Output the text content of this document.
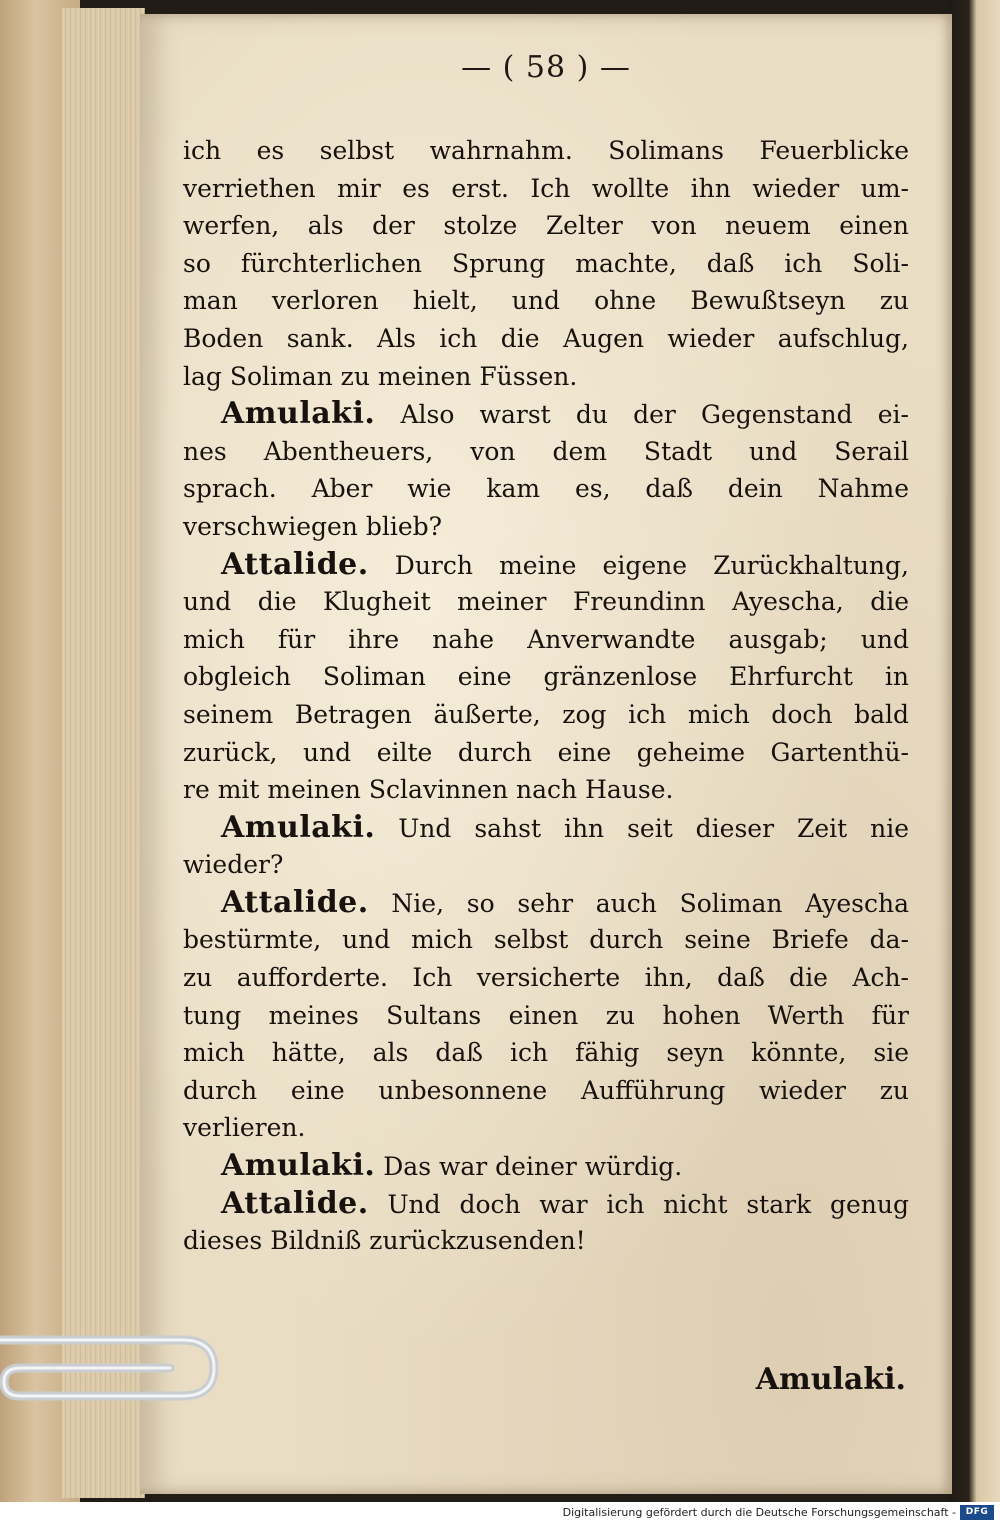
— ( 58 ) —
ich es selbst wahrnahm. Solimans Feuerblicke
verriethen mir es erst. Ich wollte ihn wieder um-
werfen, als der stolze Zelter von neuem einen
so fürchterlichen Sprung machte, daß ich Soli-
man verloren hielt, und ohne Bewußtseyn zu
Boden sank. Als ich die Augen wieder aufschlug,
lag Soliman zu meinen Füssen.
Amulaki. Also warst du der Gegenstand ei-
nes Abentheuers, von dem Stadt und Serail
sprach. Aber wie kam es, daß dein Nahme
verschwiegen blieb?
Attalide. Durch meine eigene Zurückhaltung,
und die Klugheit meiner Freundinn Ayescha, die
mich für ihre nahe Anverwandte ausgab; und
obgleich Soliman eine gränzenlose Ehrfurcht in
seinem Betragen äußerte, zog ich mich doch bald
zurück, und eilte durch eine geheime Gartenthü-
re mit meinen Sclavinnen nach Hause.
Amulaki. Und sahst ihn seit dieser Zeit nie
wieder?
Attalide. Nie, so sehr auch Soliman Ayescha
bestürmte, und mich selbst durch seine Briefe da-
zu aufforderte. Ich versicherte ihn, daß die Ach-
tung meines Sultans einen zu hohen Werth für
mich hätte, als daß ich fähig seyn könnte, sie
durch eine unbesonnene Aufführung wieder zu
verlieren.
Amulaki. Das war deiner würdig.
Attalide. Und doch war ich nicht stark genug
dieses Bildniß zurückzusenden!
Amulaki.
Digitalisierung gefördert durch die Deutsche Forschungsgemeinschaft -	DFG
